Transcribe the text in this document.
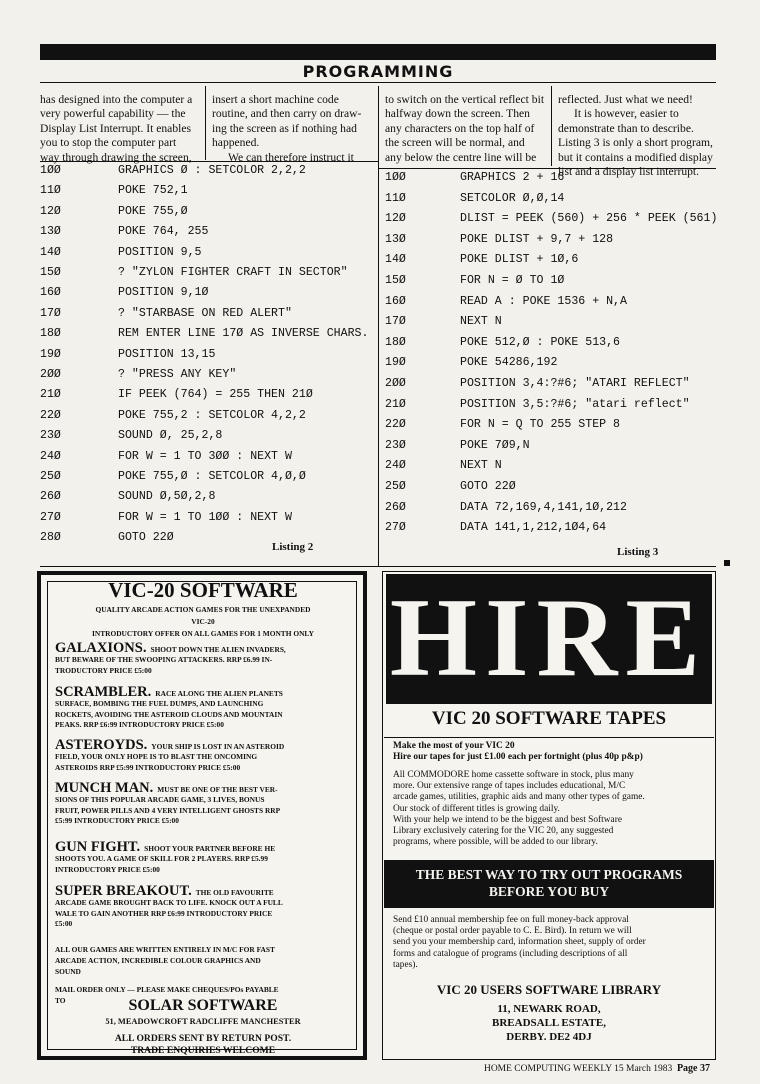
PROGRAMMING

has designed into the computer a

very powerful capability — the

Display List Interrupt. It enables

you to stop the computer part

way through drawing the screen,

insert a short machine code

routine, and then carry on draw-

ing the screen as if nothing had

happened.

We can therefore instruct it

to switch on the vertical reflect bit

halfway down the screen. Then

any characters on the top half of

the screen will be normal, and

any below the centre line will be

reflected. Just what we need!

It is however, easier to

demonstrate than to describe.

Listing 3 is only a short program,

but it contains a modified display

list and a display list interrupt.

1ØØ	GRAPHICS Ø : SETCOLOR 2,2,2
11Ø	POKE 752,1
12Ø	POKE 755,Ø
13Ø	POKE 764, 255
14Ø	POSITION 9,5
15Ø	? "ZYLON FIGHTER CRAFT IN SECTOR"
16Ø	POSITION 9,1Ø
17Ø	? "STARBASE ON RED ALERT"
18Ø	REM ENTER LINE 17Ø AS INVERSE CHARS.
19Ø	POSITION 13,15
2ØØ	? "PRESS ANY KEY"
21Ø	IF PEEK (764) = 255 THEN 21Ø
22Ø	POKE 755,2 : SETCOLOR 4,2,2
23Ø	SOUND Ø, 25,2,8
24Ø	FOR W = 1 TO 3ØØ : NEXT W
25Ø	POKE 755,Ø : SETCOLOR 4,Ø,Ø
26Ø	SOUND Ø,5Ø,2,8
27Ø	FOR W = 1 TO 1ØØ : NEXT W
28Ø	GOTO 22Ø
Listing 2
1ØØ	GRAPHICS 2 + 16
11Ø	SETCOLOR Ø,Ø,14
12Ø	DLIST = PEEK (560) + 256 * PEEK (561)
13Ø	POKE DLIST + 9,7 + 128
14Ø	POKE DLIST + 1Ø,6
15Ø	FOR N = Ø TO 1Ø
16Ø	READ A : POKE 1536 + N,A
17Ø	NEXT N
18Ø	POKE 512,Ø : POKE 513,6
19Ø	POKE 54286,192
2ØØ	POSITION 3,4:?#6; "ATARI REFLECT"
21Ø	POSITION 3,5:?#6; "atari reflect"
22Ø	FOR N = Q TO 255 STEP 8
23Ø	POKE 7Ø9,N
24Ø	NEXT N
25Ø	GOTO 22Ø
26Ø	DATA 72,169,4,141,1Ø,212
27Ø	DATA 141,1,212,1Ø4,64
Listing 3
VIC-20 SOFTWARE
QUALITY ARCADE ACTION GAMES FOR THE UNEXPANDED
VIC-20
INTRODUCTORY OFFER ON ALL GAMES FOR 1 MONTH ONLY
GALAXIONS. SHOOT DOWN THE ALIEN INVADERS,
BUT BEWARE OF THE SWOOPING ATTACKERS. RRP £6.99 IN-
TRODUCTORY PRICE £5:00
SCRAMBLER. RACE ALONG THE ALIEN PLANETS
SURFACE, BOMBING THE FUEL DUMPS, AND LAUNCHING
ROCKETS, AVOIDING THE ASTEROID CLOUDS AND MOUNTAIN
PEAKS. RRP £6:99 INTRODUCTORY PRICE £5:00
ASTEROYDS. YOUR SHIP IS LOST IN AN ASTEROID
FIELD, YOUR ONLY HOPE IS TO BLAST THE ONCOMING
ASTEROIDS RRP £5:99 INTRODUCTORY PRICE £5:00
MUNCH MAN. MUST BE ONE OF THE BEST VER-
SIONS OF THIS POPULAR ARCADE GAME, 3 LIVES, BONUS
FRUIT, POWER PILLS AND 4 VERY INTELLIGENT GHOSTS RRP
£5:99 INTRODUCTORY PRICE £5:00
GUN FIGHT. SHOOT YOUR PARTNER BEFORE HE
SHOOTS YOU. A GAME OF SKILL FOR 2 PLAYERS. RRP £5.99
INTRODUCTORY PRICE £5:00
SUPER BREAKOUT. THE OLD FAVOURITE
ARCADE GAME BROUGHT BACK TO LIFE. KNOCK OUT A FULL
WALE TO GAIN ANOTHER RRP £6:99 INTRODUCTORY PRICE
£5:00
ALL OUR GAMES ARE WRITTEN ENTIRELY IN M/C FOR FAST
ARCADE ACTION, INCREDIBLE COLOUR GRAPHICS AND
SOUND
MAIL ORDER ONLY — PLEASE MAKE CHEQUES/POs PAYABLE
TO	SOLAR SOFTWARE
51, MEADOWCROFT RADCLIFFE MANCHESTER
ALL ORDERS SENT BY RETURN POST.
TRADE ENQUIRIES WELCOME
HIRE
VIC 20 SOFTWARE TAPES
Make the most of your VIC 20
Hire our tapes for just £1.00 each per fortnight (plus 40p p&p)

All COMMODORE home cassette software in stock, plus many

more. Our extensive range of tapes includes educational, M/C

arcade games, utilities, graphic aids and many other types of game.

Our stock of different titles is growing daily.

With your help we intend to be the biggest and best Software

Library exclusively catering for the VIC 20, any suggested

programs, where possible, will be added to our library.

THE BEST WAY TO TRY OUT PROGRAMS
BEFORE YOU BUY

Send £10 annual membership fee on full money-back approval

(cheque or postal order payable to C. E. Bird). In return we will

send you your membership card, information sheet, supply of order

forms and catalogue of programs (including descriptions of all

tapes).

VIC 20 USERS SOFTWARE LIBRARY
11, NEWARK ROAD,
BREADSALL ESTATE,
DERBY. DE2 4DJ
HOME COMPUTING WEEKLY 15 March 1983 Page 37
